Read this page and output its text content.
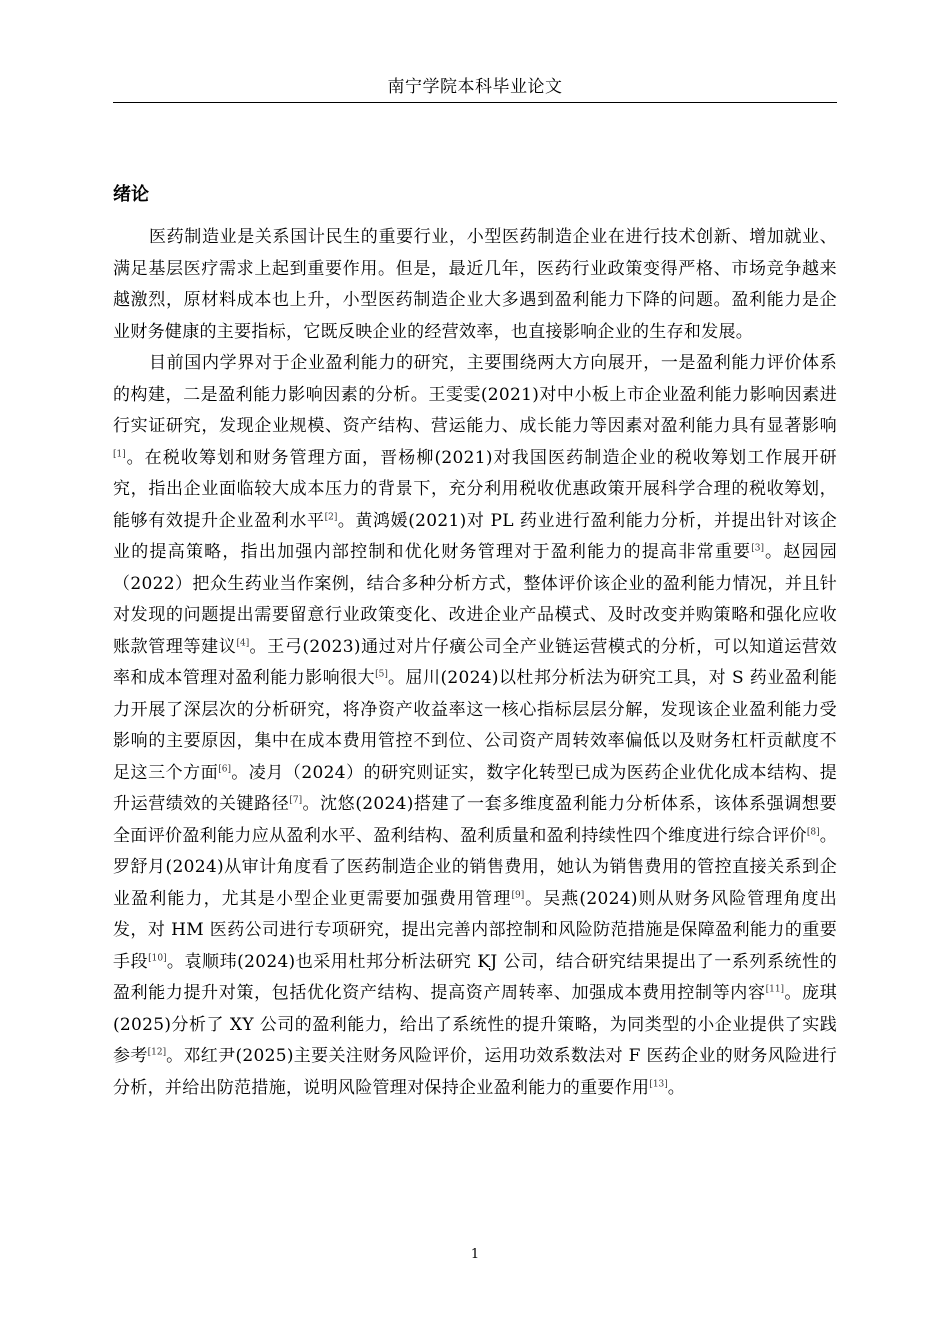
南宁学院本科毕业论文
绪论

医药制造业是关系国计民生的重要行业，小型医药制造企业在进行技术创新、增加就业、满足基层医疗需求上起到重要作用。但是，最近几年，医药行业政策变得严格、市场竞争越来越激烈，原材料成本也上升，小型医药制造企业大多遇到盈利能力下降的问题。盈利能力是企业财务健康的主要指标，它既反映企业的经营效率，也直接影响企业的生存和发展。

目前国内学界对于企业盈利能力的研究，主要围绕两大方向展开，一是盈利能力评价体系的构建，二是盈利能力影响因素的分析。王雯雯(2021)对中小板上市企业盈利能力影响因素进行实证研究，发现企业规模、资产结构、营运能力、成长能力等因素对盈利能力具有显著影响[1]。在税收筹划和财务管理方面，晋杨柳(2021)对我国医药制造企业的税收筹划工作展开研究，指出企业面临较大成本压力的背景下，充分利用税收优惠政策开展科学合理的税收筹划，能够有效提升企业盈利水平[2]。黄鸿媛(2021)对 PL 药业进行盈利能力分析，并提出针对该企业的提高策略，指出加强内部控制和优化财务管理对于盈利能力的提高非常重要[3]。赵园园（2022）把众生药业当作案例，结合多种分析方式，整体评价该企业的盈利能力情况，并且针对发现的问题提出需要留意行业政策变化、改进企业产品模式、及时改变并购策略和强化应收账款管理等建议[4]。王弓(2023)通过对片仔癀公司全产业链运营模式的分析，可以知道运营效率和成本管理对盈利能力影响很大[5]。屈川(2024)以杜邦分析法为研究工具，对 S 药业盈利能力开展了深层次的分析研究，将净资产收益率这一核心指标层层分解，发现该企业盈利能力受影响的主要原因，集中在成本费用管控不到位、公司资产周转效率偏低以及财务杠杆贡献度不足这三个方面[6]。凌月（2024）的研究则证实，数字化转型已成为医药企业优化成本结构、提升运营绩效的关键路径[7]。沈悠(2024)搭建了一套多维度盈利能力分析体系，该体系强调想要全面评价盈利能力应从盈利水平、盈利结构、盈利质量和盈利持续性四个维度进行综合评价[8]。罗舒月(2024)从审计角度看了医药制造企业的销售费用，她认为销售费用的管控直接关系到企业盈利能力，尤其是小型企业更需要加强费用管理[9]。吴燕(2024)则从财务风险管理角度出发，对 HM 医药公司进行专项研究，提出完善内部控制和风险防范措施是保障盈利能力的重要手段[10]。袁顺玮(2024)也采用杜邦分析法研究 KJ 公司，结合研究结果提出了一系列系统性的盈利能力提升对策，包括优化资产结构、提高资产周转率、加强成本费用控制等内容[11]。庞琪(2025)分析了 XY 公司的盈利能力，给出了系统性的提升策略，为同类型的小企业提供了实践参考[12]。邓红尹(2025)主要关注财务风险评价，运用功效系数法对 F 医药企业的财务风险进行分析，并给出防范措施，说明风险管理对保持企业盈利能力的重要作用[13]。

1
